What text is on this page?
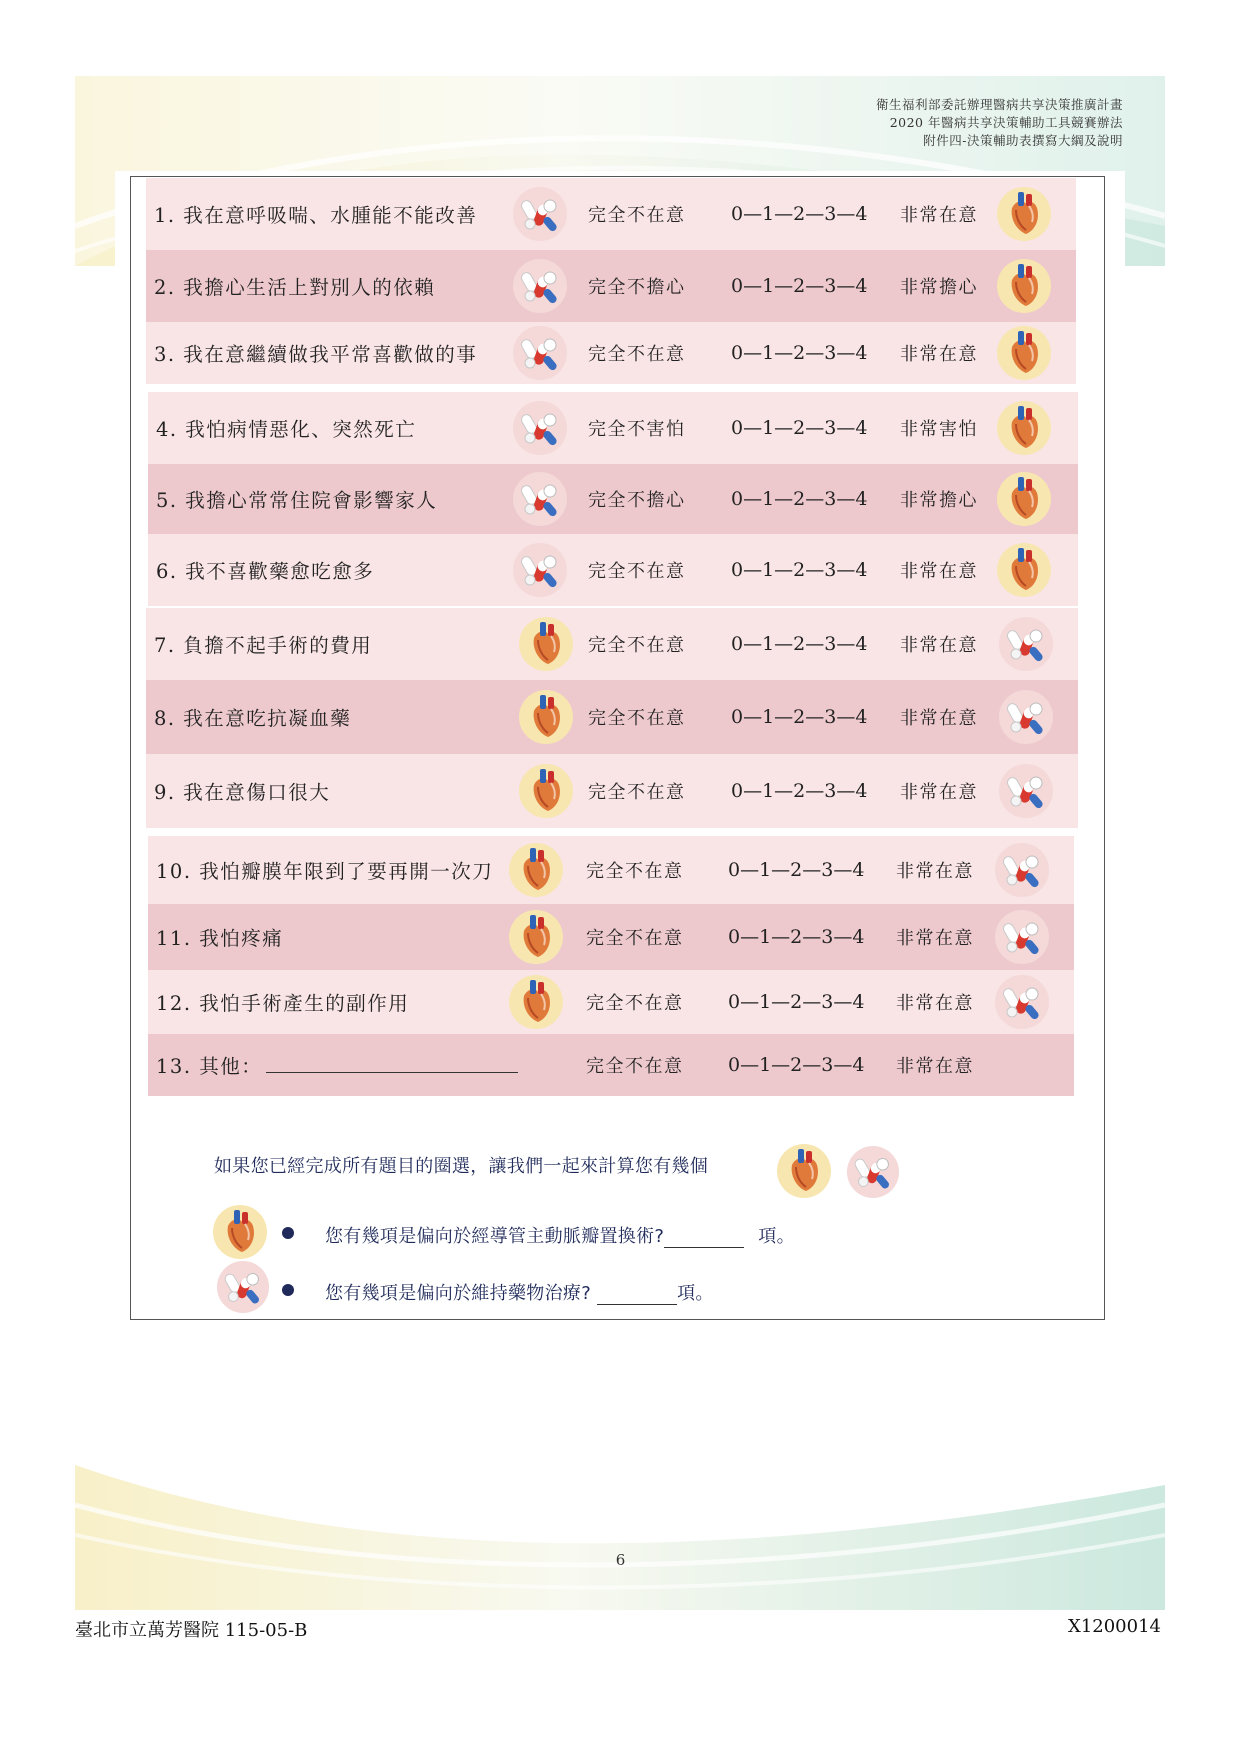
衛生福利部委託辦理醫病共享決策推廣計畫
2020 年醫病共享決策輔助工具競賽辦法
附件四-決策輔助表撰寫大綱及說明
1. 我在意呼吸喘、水腫能不能改善	完全不在意 0—1—2—3—4 非常在意
2. 我擔心生活上對別人的依賴	完全不擔心 0—1—2—3—4 非常擔心
3. 我在意繼續做我平常喜歡做的事	完全不在意 0—1—2—3—4 非常在意
4. 我怕病情惡化、突然死亡	完全不害怕 0—1—2—3—4 非常害怕
5. 我擔心常常住院會影響家人	完全不擔心 0—1—2—3—4 非常擔心
6. 我不喜歡藥愈吃愈多	完全不在意 0—1—2—3—4 非常在意
7. 負擔不起手術的費用	完全不在意 0—1—2—3—4 非常在意
8. 我在意吃抗凝血藥	完全不在意 0—1—2—3—4 非常在意
9. 我在意傷口很大	完全不在意 0—1—2—3—4 非常在意
10. 我怕瓣膜年限到了要再開一次刀	完全不在意 0—1—2—3—4 非常在意
11. 我怕疼痛	完全不在意 0—1—2—3—4 非常在意
12. 我怕手術產生的副作用	完全不在意 0—1—2—3—4 非常在意
13. 其他：	完全不在意 0—1—2—3—4 非常在意
如果您已經完成所有題目的圈選，讓我們一起來計算您有幾個
您有幾項是偏向於經導管主動脈瓣置換術?	項。
您有幾項是偏向於維持藥物治療?	項。
6
臺北市立萬芳醫院 115-05-B	X1200014
